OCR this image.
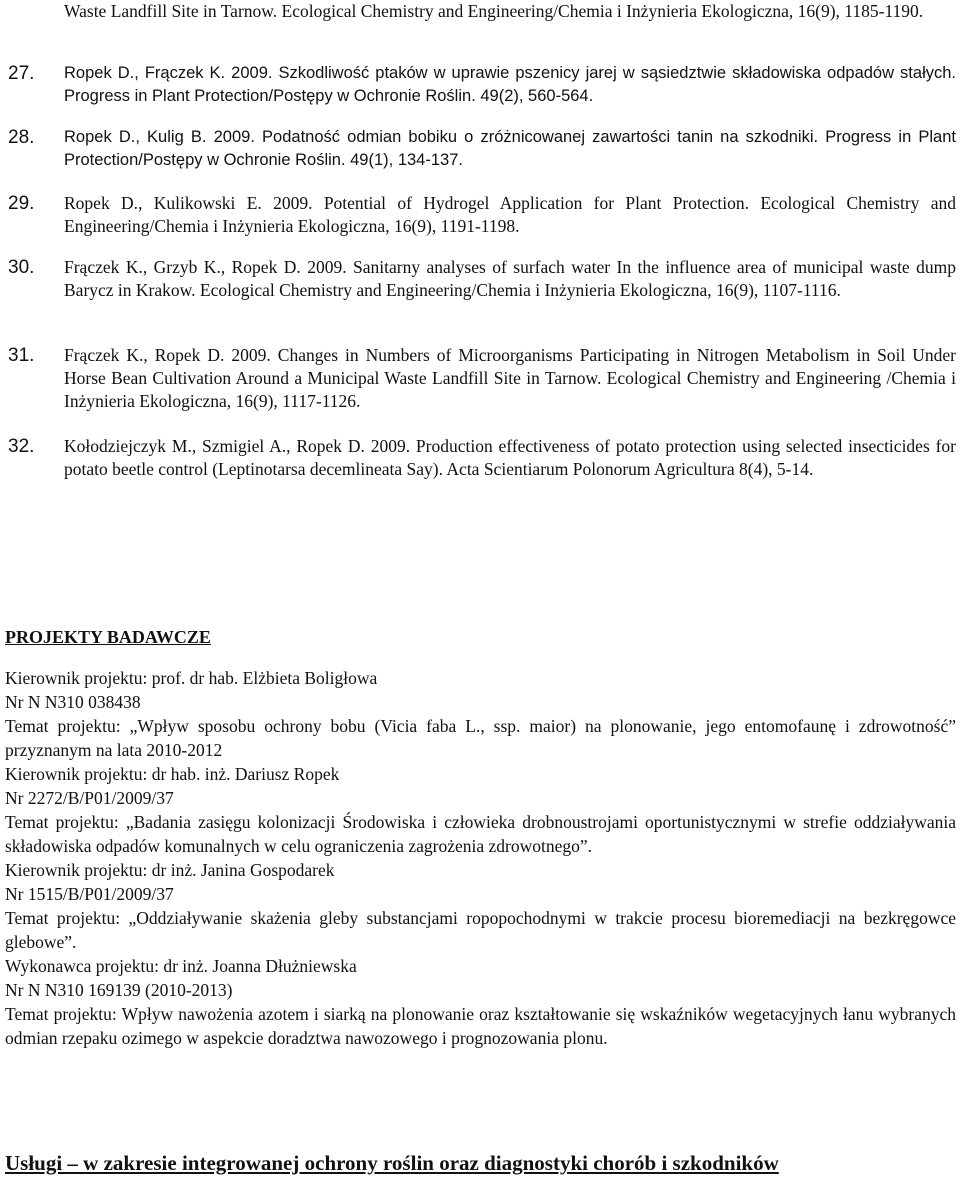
Waste Landfill Site in Tarnow. Ecological Chemistry and Engineering/Chemia i Inżynieria Ekologiczna, 16(9), 1185-1190.
27.	Ropek D., Frączek K. 2009. Szkodliwość ptaków w uprawie pszenicy jarej w sąsiedztwie składowiska odpadów stałych. Progress in Plant Protection/Postępy w Ochronie Roślin. 49(2), 560-564.
28.	Ropek D., Kulig B. 2009. Podatność odmian bobiku o zróżnicowanej zawartości tanin na szkodniki. Progress in Plant Protection/Postępy w Ochronie Roślin. 49(1), 134-137.
29.	Ropek D., Kulikowski E. 2009. Potential of Hydrogel Application for Plant Protection. Ecological Chemistry and Engineering/Chemia i Inżynieria Ekologiczna, 16(9), 1191-1198.
30.	Frączek K., Grzyb K., Ropek D. 2009. Sanitarny analyses of surfach water In the influence area of municipal waste dump Barycz in Krakow. Ecological Chemistry and Engineering/Chemia i Inżynieria Ekologiczna, 16(9), 1107-1116.
31.	Frączek K., Ropek D. 2009. Changes in Numbers of Microorganisms Participating in Nitrogen Metabolism in Soil Under Horse Bean Cultivation Around a Municipal Waste Landfill Site in Tarnow. Ecological Chemistry and Engineering /Chemia i Inżynieria Ekologiczna, 16(9), 1117-1126.
32.	Kołodziejczyk M., Szmigiel A., Ropek D. 2009. Production effectiveness of potato protection using selected insecticides for potato beetle control (Leptinotarsa decemlineata Say). Acta Scientiarum Polonorum Agricultura 8(4), 5-14.
PROJEKTY BADAWCZE

Kierownik projektu: prof. dr hab. Elżbieta Boligłowa

Nr N N310 038438

Temat projektu: „Wpływ sposobu ochrony bobu (Vicia faba L., ssp. maior) na plonowanie, jego entomofaunę i zdrowotność” przyznanym na lata 2010-2012

Kierownik projektu: dr hab. inż. Dariusz Ropek

Nr 2272/B/P01/2009/37

Temat projektu: „Badania zasięgu kolonizacji Środowiska i człowieka drobnoustrojami oportunistycznymi w strefie oddziaływania składowiska odpadów komunalnych w celu ograniczenia zagrożenia zdrowotnego”.

Kierownik projektu: dr inż. Janina Gospodarek

Nr 1515/B/P01/2009/37

Temat projektu: „Oddziaływanie skażenia gleby substancjami ropopochodnymi w trakcie procesu bioremediacji na bezkręgowce glebowe”.

Wykonawca projektu: dr inż. Joanna Dłużniewska

Nr N N310 169139 (2010-2013)

Temat projektu: Wpływ nawożenia azotem i siarką na plonowanie oraz kształtowanie się wskaźników wegetacyjnych łanu wybranych odmian rzepaku ozimego w aspekcie doradztwa nawozowego i prognozowania plonu.

Usługi – w zakresie integrowanej ochrony roślin oraz diagnostyki chorób i szkodników
